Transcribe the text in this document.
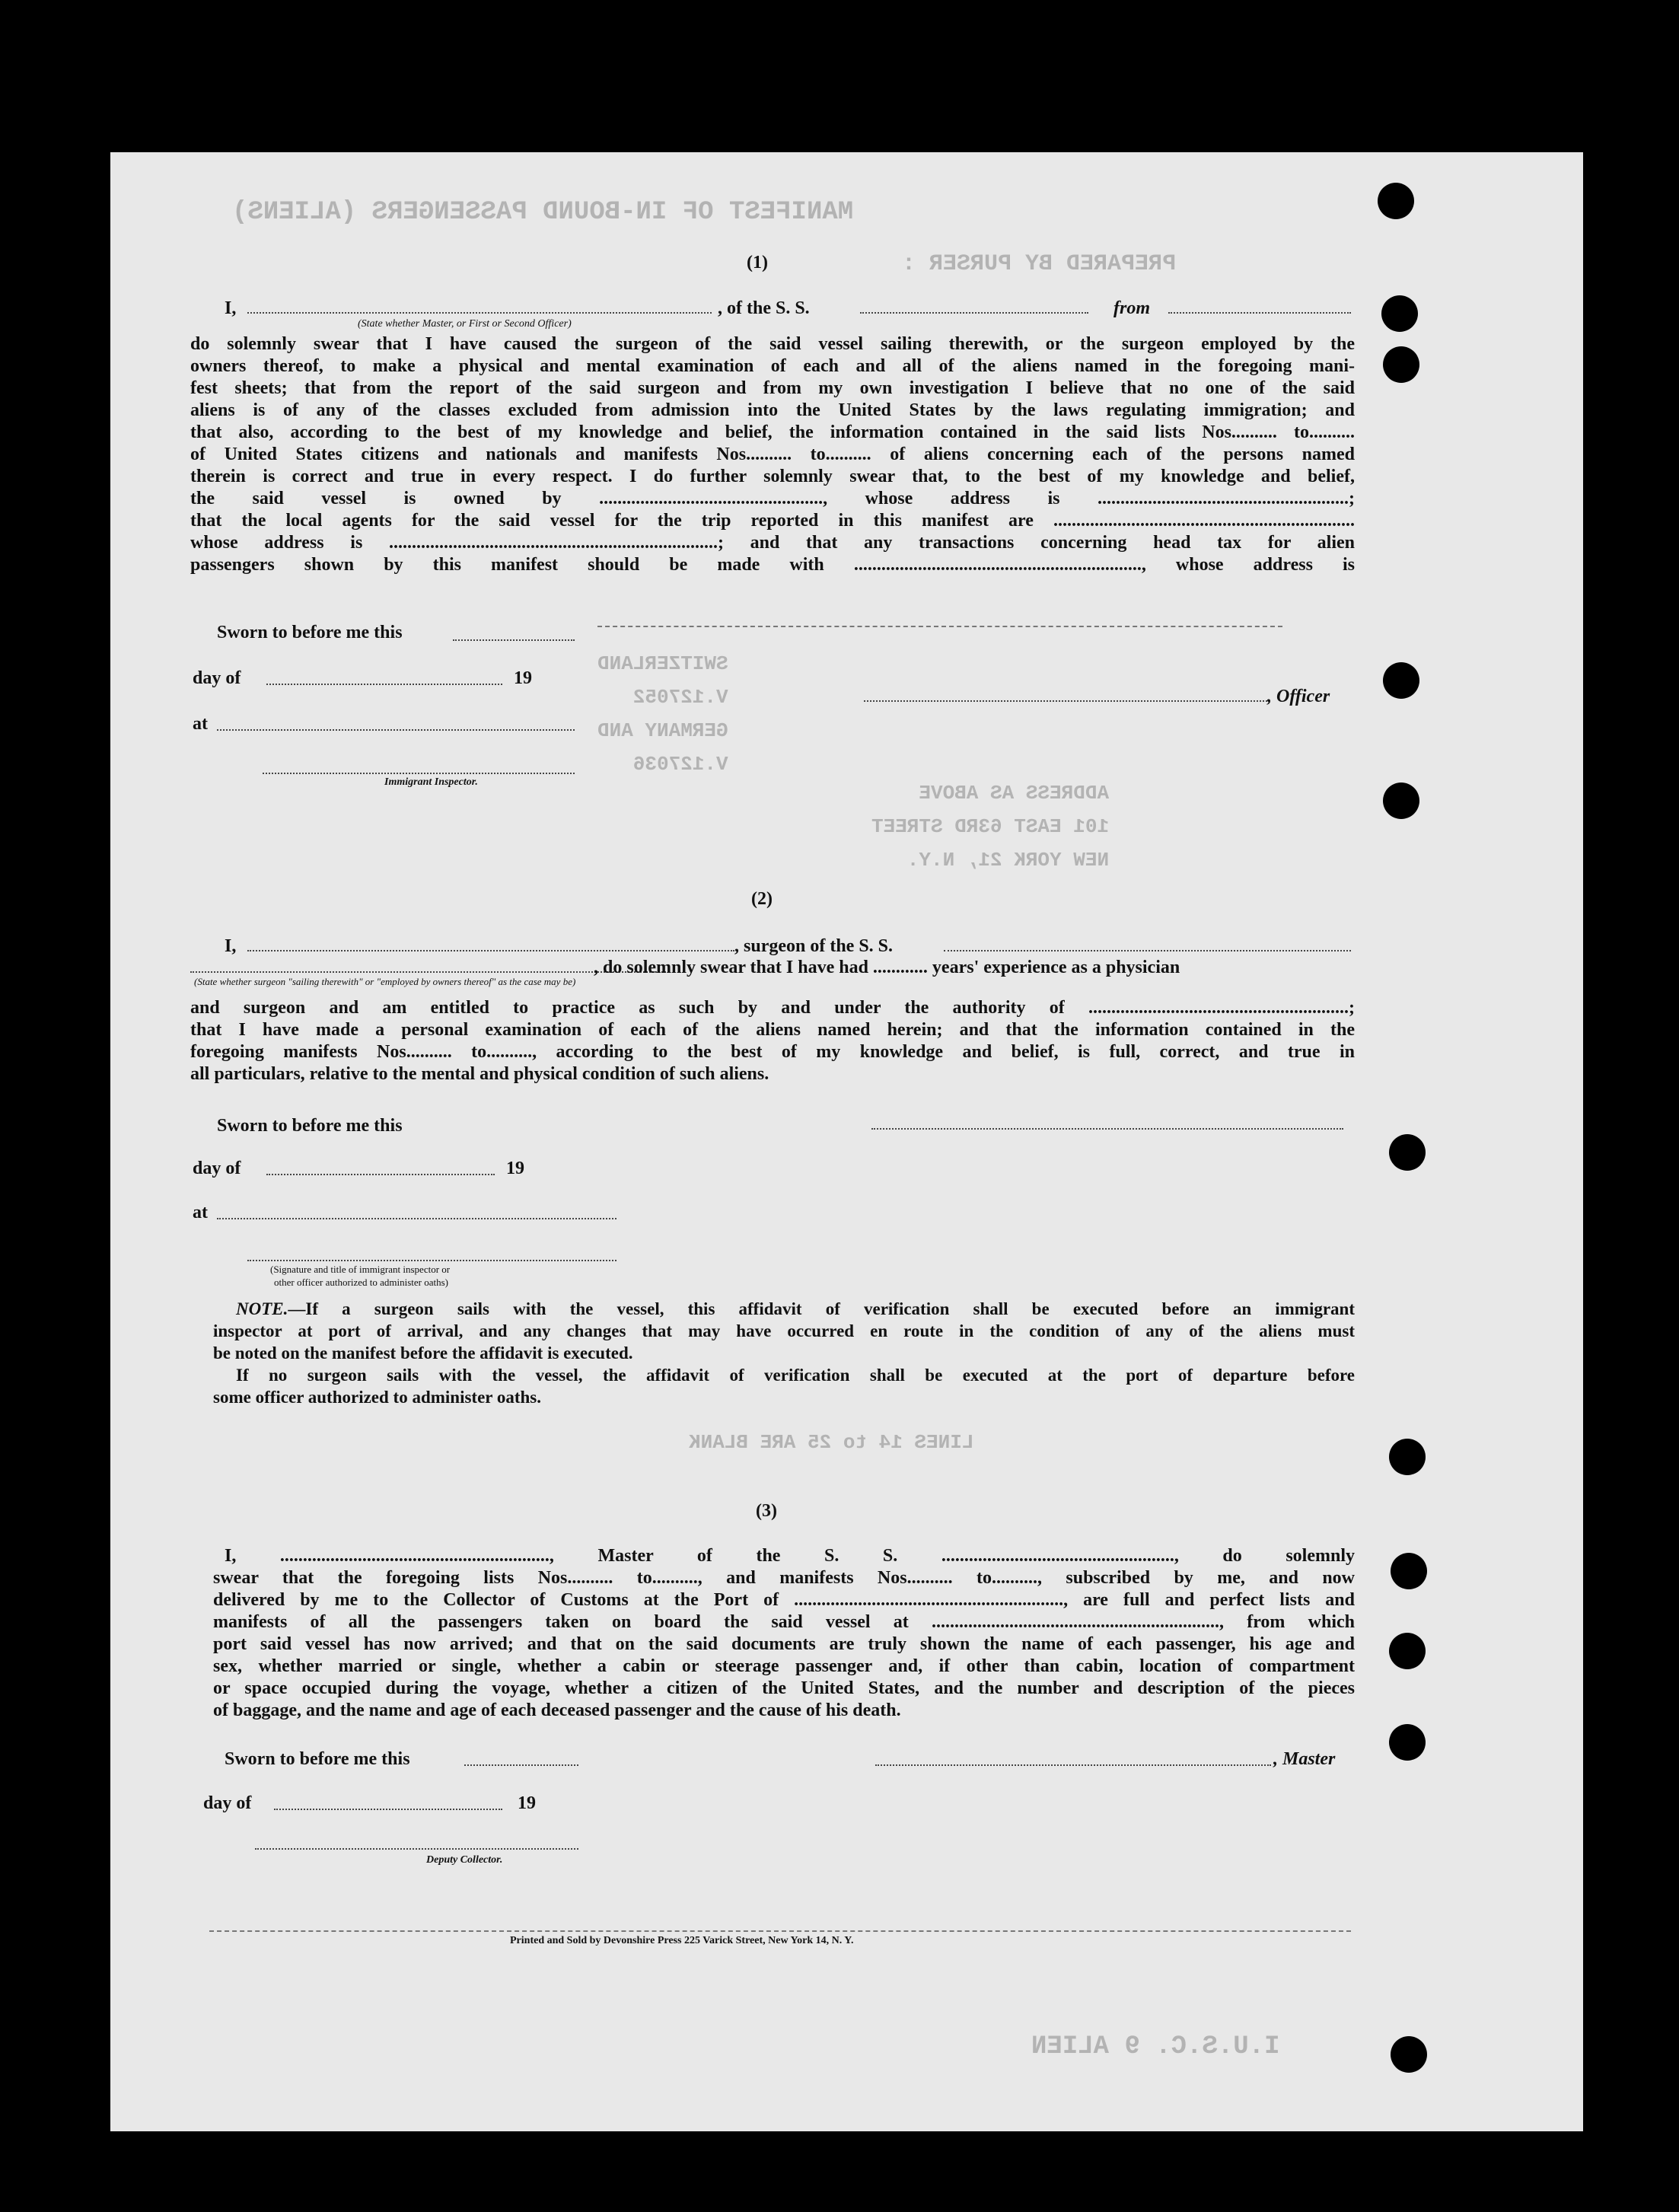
MANIFEST OF IN-BOUND PASSENGERS (ALIENS)
PREPARED BY PURSER :
SWITZERLAND
V.127052
GERMANY AND
V.127036
ADDRESS AS ABOVE
101 EAST 63RD STREET
NEW YORK 21, N.Y.
LINES 14 to 25 ARE BLANK
I.U.S.C. 9 ALIEN
(1)
I,	, of the S. S.	from
(State whether Master, or First or Second Officer)
do solemnly swear that I have caused the surgeon of the said vessel sailing therewith, or the surgeon employed by the
owners thereof, to make a physical and mental examination of each and all of the aliens named in the foregoing mani-
fest sheets; that from the report of the said surgeon and from my own investigation I believe that no one of the said
aliens is of any of the classes excluded from admission into the United States by the laws regulating immigration; and
that also, according to the best of my knowledge and belief, the information contained in the said lists Nos.......... to..........
of United States citizens and nationals and manifests Nos.......... to.......... of aliens concerning each of the persons named
therein is correct and true in every respect. I do further solemnly swear that, to the best of my knowledge and belief,
the said vessel is owned by ................................................., whose address is .......................................................;
that the local agents for the said vessel for the trip reported in this manifest are ..................................................................
whose address is ........................................................................; and that any transactions concerning head tax for alien
passengers shown by this manifest should be made with ..............................................................., whose address is
Sworn to before me this
day of	19
, Officer
at
Immigrant Inspector.
(2)
I,	, surgeon of the S. S.
, do solemnly swear that I have had ............ years' experience as a physician
(State whether surgeon "sailing therewith" or "employed by owners thereof" as the case may be)
and surgeon and am entitled to practice as such by and under the authority of .........................................................;
that I have made a personal examination of each of the aliens named herein; and that the information contained in the
foregoing manifests Nos.......... to.........., according to the best of my knowledge and belief, is full, correct, and true in
all particulars, relative to the mental and physical condition of such aliens.
Sworn to before me this
day of	19
at
(Signature and title of immigrant inspector or
other officer authorized to administer oaths)
NOTE.—If a surgeon sails with the vessel, this affidavit of verification shall be executed before an immigrant
inspector at port of arrival, and any changes that may have occurred en route in the condition of any of the aliens must
be noted on the manifest before the affidavit is executed.
If no surgeon sails with the vessel, the affidavit of verification shall be executed at the port of departure before
some officer authorized to administer oaths.
(3)
I, ..........................................................., Master of the S. S. ..................................................., do solemnly
swear that the foregoing lists Nos.......... to.........., and manifests Nos.......... to.........., subscribed by me, and now
delivered by me to the Collector of Customs at the Port of ..........................................................., are full and perfect lists and
manifests of all the passengers taken on board the said vessel at ..............................................................., from which
port said vessel has now arrived; and that on the said documents are truly shown the name of each passenger, his age and
sex, whether married or single, whether a cabin or steerage passenger and, if other than cabin, location of compartment
or space occupied during the voyage, whether a citizen of the United States, and the number and description of the pieces
of baggage, and the name and age of each deceased passenger and the cause of his death.
Sworn to before me this	, Master
day of	19
Deputy Collector.
Printed and Sold by Devonshire Press 225 Varick Street, New York 14, N. Y.
